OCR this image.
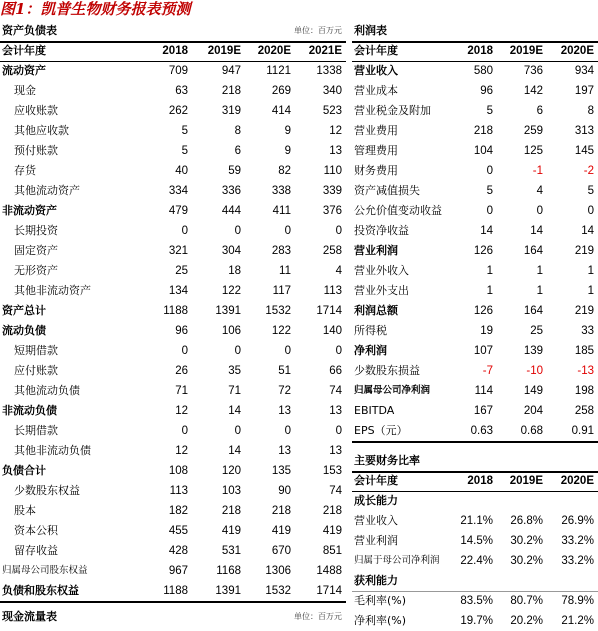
图1：凯普生物财务报表预测
资产负债表	单位：百万元
会计年度	2018 2019E 2020E 2021E
流动资产	709	947 1121 1338
现金	63	218	269	340
应收账款	262	319	414	523
其他应收款	5	8	9	12
预付账款	5	6	9	13
存货	40	59	82	110
其他流动资产	334	336	338	339
非流动资产	479	444	411	376
长期投资	0	0	0	0
固定资产	321	304	283	258
无形资产	25	18	11	4
其他非流动资产	134	122	117	113
资产总计	1188 1391 1532 1714
流动负债	96	106	122	140
短期借款	0	0	0	0
应付账款	26	35	51	66
其他流动负债	71	71	72	74
非流动负债	12	14	13	13
长期借款	0	0	0	0
其他非流动负债	12	14	13	13
负债合计	108	120	135	153
少数股东权益	113	103	90	74
股本	182	218	218	218
资本公积	455	419	419	419
留存收益	428	531	670	851
归属母公司股东权益	967 1168 1306 1488
负债和股东权益	1188 1391 1532 1714
利润表
会计年度	2018 2019E 2020E
营业收入	580	736	934
营业成本	96	142	197
营业税金及附加	5	6	8
营业费用	218	259	313
管理费用	104	125	145
财务费用	0	-1	-2
资产减值损失	5	4	5
公允价值变动收益	0	0	0
投资净收益	14	14	14
营业利润	126	164	219
营业外收入	1	1	1
营业外支出	1	1	1
利润总额	126	164	219
所得税	19	25	33
净利润	107	139	185
少数股东损益	-7	-10	-13
归属母公司净利润	114	149	198
EBITDA	167	204	258
EPS（元）	0.63 0.68 0.91
主要财务比率
会计年度	2018 2019E 2020E
成长能力
营业收入	21.1% 26.8% 26.9%
营业利润	14.5% 30.2% 33.2%
归属于母公司净利润 22.4% 30.2% 33.2%
获利能力
毛利率(%)	83.5% 80.7% 78.9%
净利率(%)	19.7% 20.2% 21.2%
现金流量表	单位：百万元
